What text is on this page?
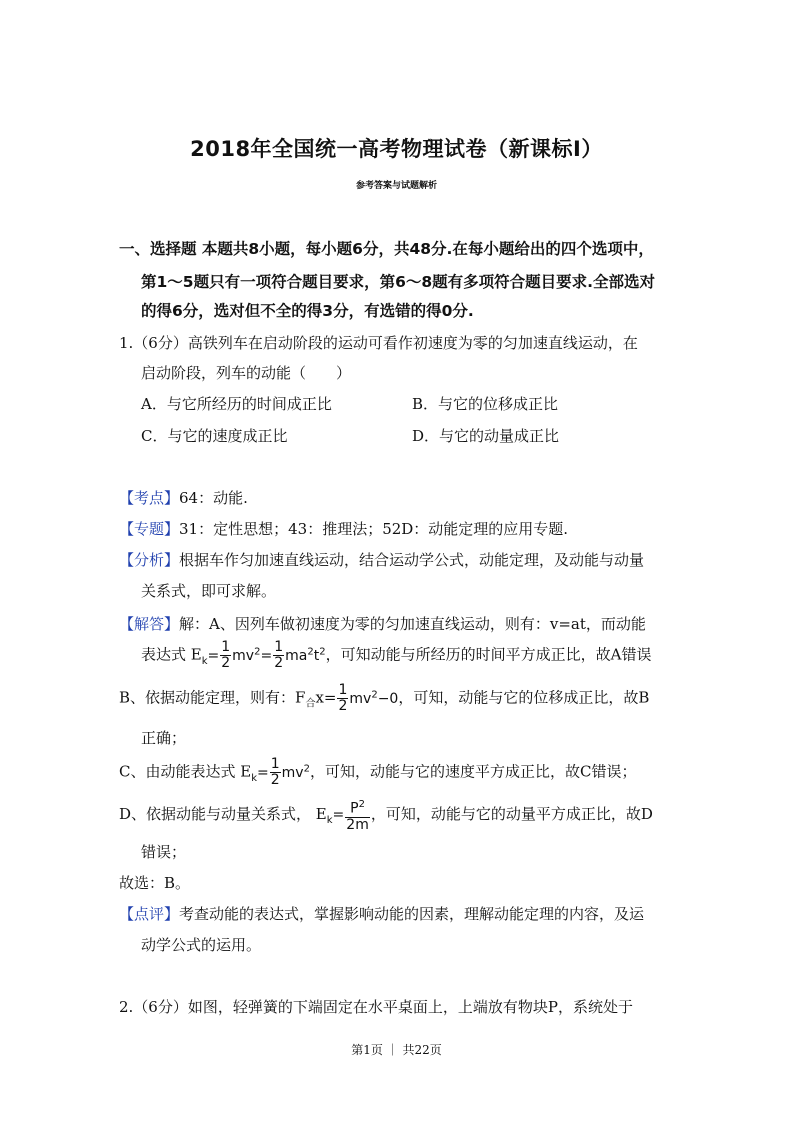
2018年全国统一高考物理试卷（新课标Ⅰ）
参考答案与试题解析
一、选择题 本题共8小题，每小题6分，共48分.在每小题给出的四个选项中，
第1～5题只有一项符合题目要求，第6～8题有多项符合题目要求.全部选对
的得6分，选对但不全的得3分，有选错的得0分.
1.（6分）高铁列车在启动阶段的运动可看作初速度为零的匀加速直线运动，在
启动阶段，列车的动能（　　）
A．与它所经历的时间成正比	B．与它的位移成正比
C．与它的速度成正比	D．与它的动量成正比
【考点】64：动能.
【专题】31：定性思想；43：推理法；52D：动能定理的应用专题.
【分析】根据车作匀加速直线运动，结合运动学公式，动能定理，及动能与动量
关系式，即可求解。
【解答】解：A、因列车做初速度为零的匀加速直线运动，则有：v=at，而动能
表达式 $E_k= \frac{1}{2} mv^2= \frac{1}{2} ma^2t^2$，可知动能与所经历的时间平方成正比，故A错误
B、依据动能定理，则有：$F_合x= \frac{1}{2} mv^2-0$，可知，动能与它的位移成正比，故B
正确；
C、由动能表达式 $E_k= \frac{1}{2} mv^2$，可知，动能与它的速度平方成正比，故C错误；
D、依据动能与动量关系式， $E_k= \frac{P^2}{2m}$ ，可知，动能与它的动量平方成正比，故D
错误；
故选：B。
【点评】考查动能的表达式，掌握影响动能的因素，理解动能定理的内容，及运
动学公式的运用。
2.（6分）如图，轻弹簧的下端固定在水平桌面上，上端放有物块P，系统处于
第1页 ｜ 共22页
